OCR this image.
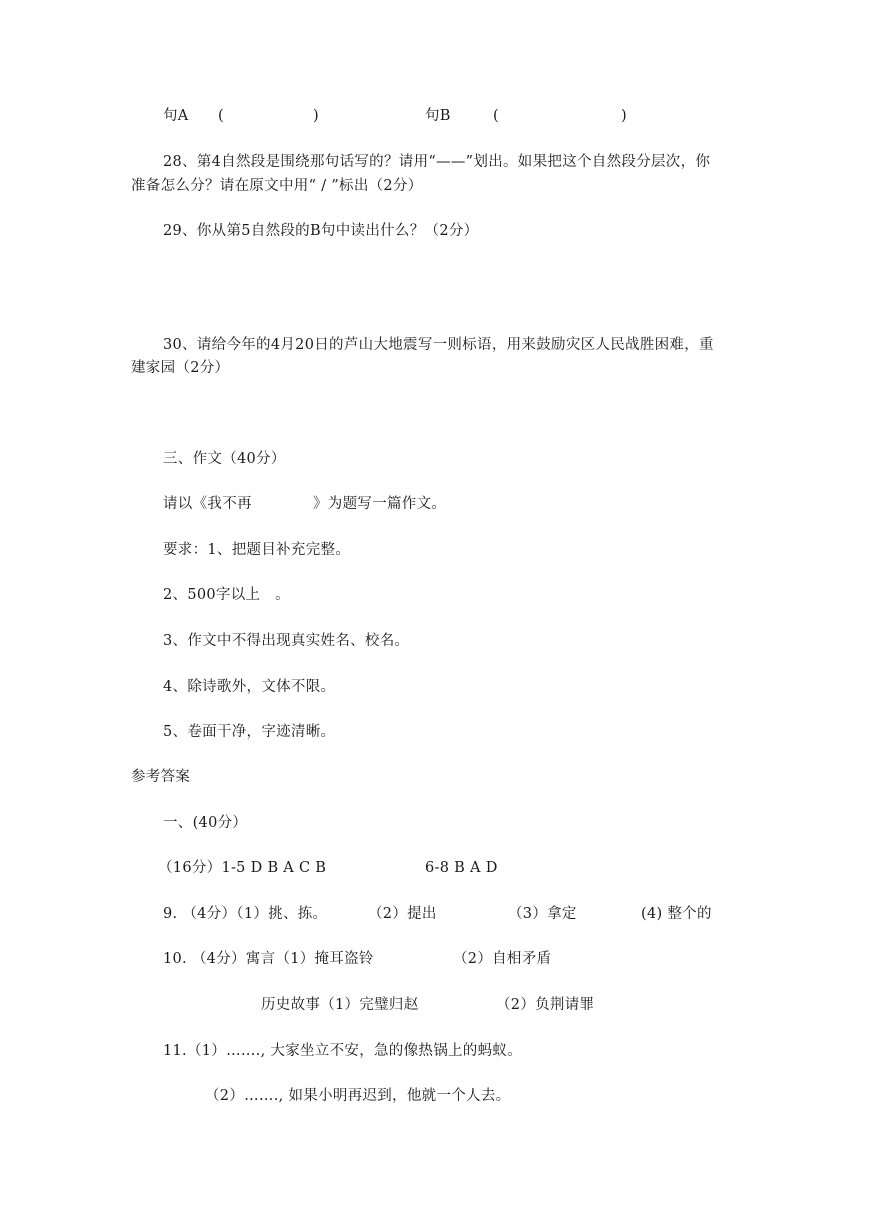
句A (	)	句B	(	)
28、第4自然段是围绕那句话写的？请用“——”划出。如果把这个自然段分层次，你
准备怎么分？请在原文中用“ / ”标出（2分）
29、你从第5自然段的B句中读出什么？（2分）
30、请给今年的4月20日的芦山大地震写一则标语，用来鼓励灾区人民战胜困难，重
建家园（2分）
三、作文（40分）
请以《我不再	》为题写一篇作文。
要求：1、把题目补充完整。
2、500字以上　。
3、作文中不得出现真实姓名、校名。
4、除诗歌外，文体不限。
5、卷面干净，字迹清晰。
参考答案
一、(40分）
（16分）1-5 D B A C B	6-8 B A D
9. （4分）（1）挑、拣。	（2）提出	（3）拿定	(4) 整个的
10. （4分）寓言（1）掩耳盗铃	（2）自相矛盾
历史故事（1）完璧归赵	（2）负荆请罪
11.（1）……., 大家坐立不安，急的像热锅上的蚂蚁。
（2）……., 如果小明再迟到，他就一个人去。
